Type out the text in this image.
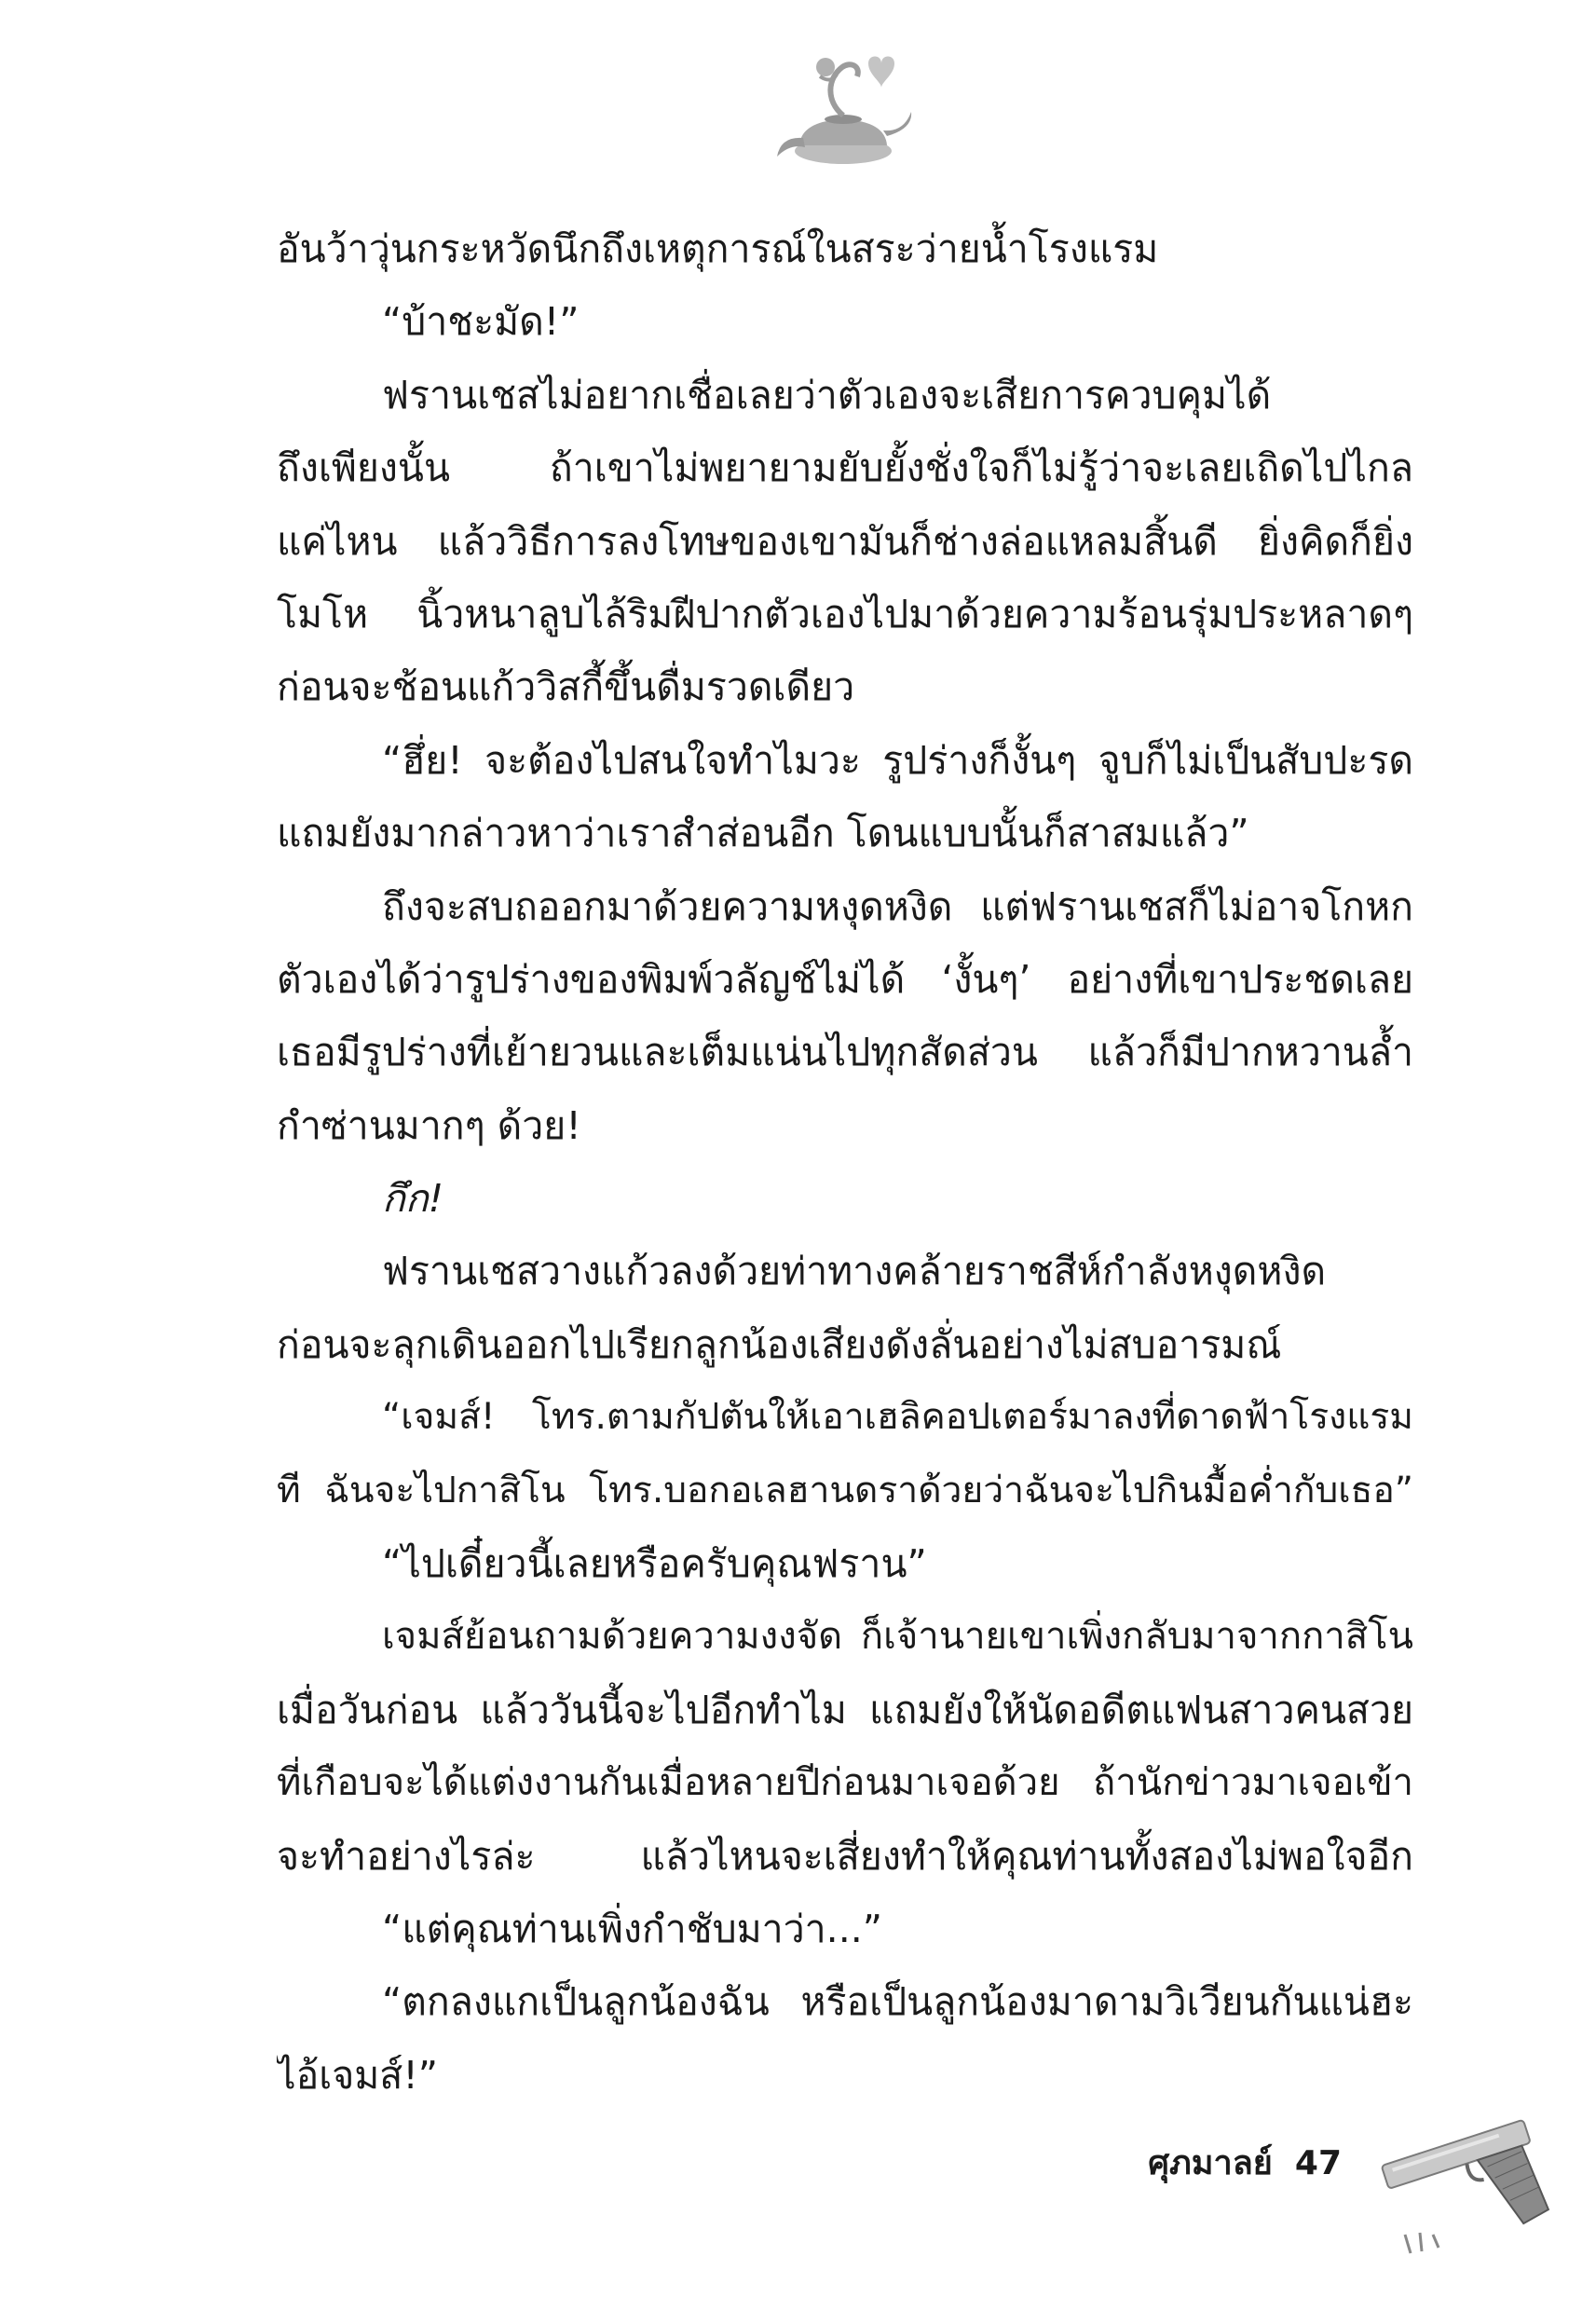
อันว้าวุ่นกระหวัดนึกถึงเหตุการณ์ในสระว่ายน้ำโรงแรม
“บ้าชะมัด!”
ฟรานเชสไม่อยากเชื่อเลยว่าตัวเองจะเสียการควบคุมได้
ถึงเพียงนั้น ถ้าเขาไม่พยายามยับยั้งชั่งใจก็ไม่รู้ว่าจะเลยเถิดไปไกล
แค่ไหน แล้ววิธีการลงโทษของเขามันก็ช่างล่อแหลมสิ้นดี ยิ่งคิดก็ยิ่ง
โมโห นิ้วหนาลูบไล้ริมฝีปากตัวเองไปมาด้วยความร้อนรุ่มประหลาดๆ
ก่อนจะช้อนแก้ววิสกี้ขึ้นดื่มรวดเดียว
“ฮึ่ย! จะต้องไปสนใจทำไมวะ รูปร่างก็งั้นๆ จูบก็ไม่เป็นสับปะรด
แถมยังมากล่าวหาว่าเราสำส่อนอีก โดนแบบนั้นก็สาสมแล้ว”
ถึงจะสบถออกมาด้วยความหงุดหงิด แต่ฟรานเชสก็ไม่อาจโกหก
ตัวเองได้ว่ารูปร่างของพิมพ์วลัญช์ไม่ได้ ‘งั้นๆ’ อย่างที่เขาประชดเลย
เธอมีรูปร่างที่เย้ายวนและเต็มแน่นไปทุกสัดส่วน แล้วก็มีปากหวานล้ำ
กำซ่านมากๆ ด้วย!
กึก!
ฟรานเชสวางแก้วลงด้วยท่าทางคล้ายราชสีห์กำลังหงุดหงิด
ก่อนจะลุกเดินออกไปเรียกลูกน้องเสียงดังลั่นอย่างไม่สบอารมณ์
“เจมส์! โทร.ตามกัปตันให้เอาเฮลิคอปเตอร์มาลงที่ดาดฟ้าโรงแรม
ที ฉันจะไปกาสิโน โทร.บอกอเลฮานดราด้วยว่าฉันจะไปกินมื้อค่ำกับเธอ”
“ไปเดี๋ยวนี้เลยหรือครับคุณฟราน”
เจมส์ย้อนถามด้วยความงงจัด ก็เจ้านายเขาเพิ่งกลับมาจากกาสิโน
เมื่อวันก่อน แล้ววันนี้จะไปอีกทำไม แถมยังให้นัดอดีตแฟนสาวคนสวย
ที่เกือบจะได้แต่งงานกันเมื่อหลายปีก่อนมาเจอด้วย ถ้านักข่าวมาเจอเข้า
จะทำอย่างไรล่ะ แล้วไหนจะเสี่ยงทำให้คุณท่านทั้งสองไม่พอใจอีก
“แต่คุณท่านเพิ่งกำชับมาว่า...”
“ตกลงแกเป็นลูกน้องฉัน หรือเป็นลูกน้องมาดามวิเวียนกันแน่ฮะ
ไอ้เจมส์!”
ศุภมาลย์ 47
